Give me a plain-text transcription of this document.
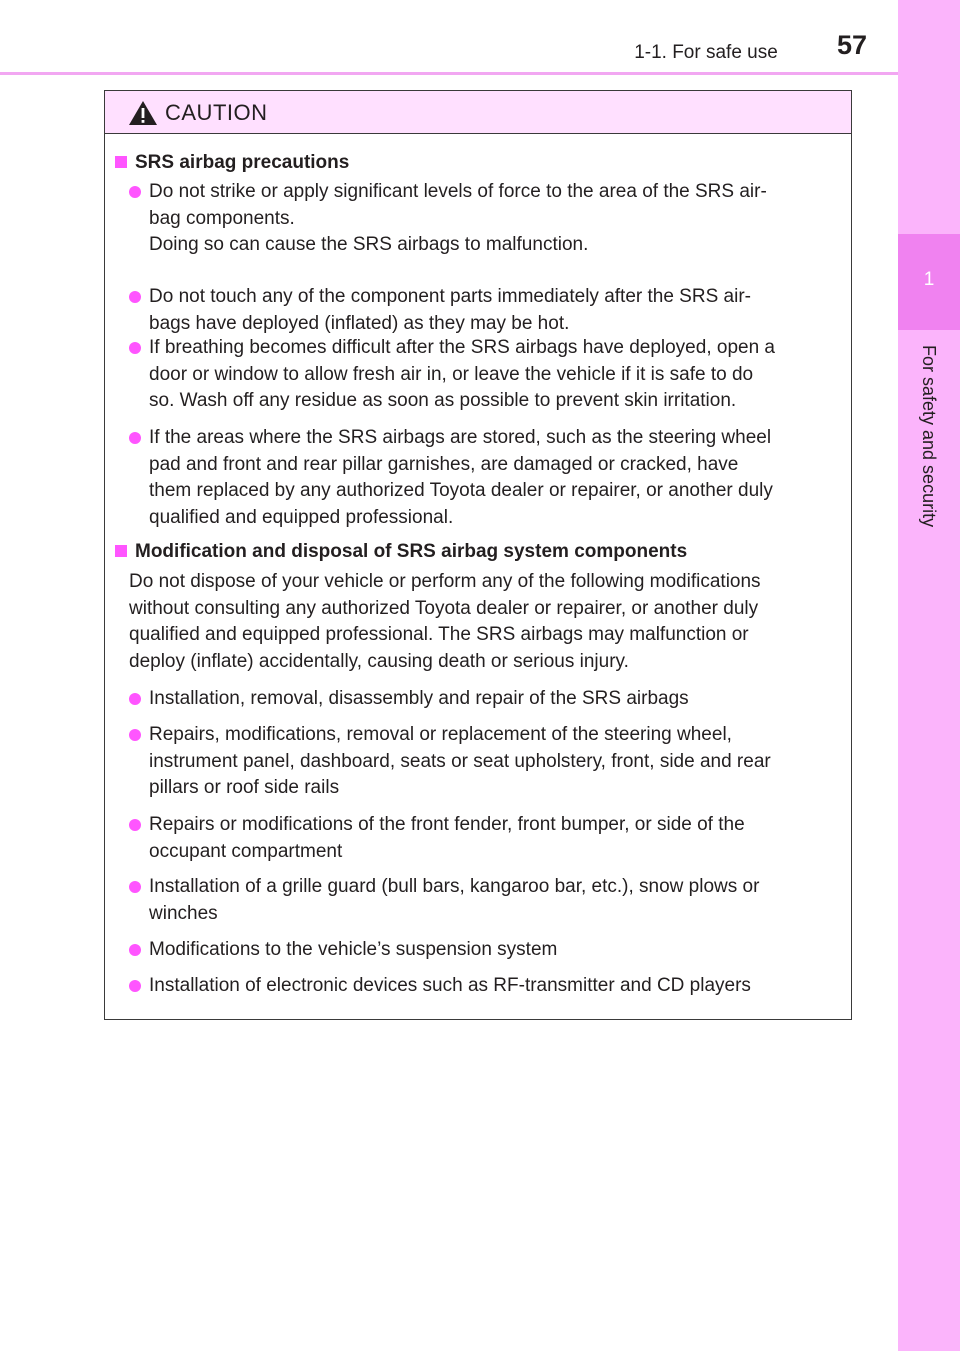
1-1. For safe use	57
1
For safety and security
CAUTION
SRS airbag precautions
Do not strike or apply significant levels of force to the area of the SRS air-
bag components.
Doing so can cause the SRS airbags to malfunction.
Do not touch any of the component parts immediately after the SRS air-
bags have deployed (inflated) as they may be hot.
If breathing becomes difficult after the SRS airbags have deployed, open a
door or window to allow fresh air in, or leave the vehicle if it is safe to do
so. Wash off any residue as soon as possible to prevent skin irritation.
If the areas where the SRS airbags are stored, such as the steering wheel
pad and front and rear pillar garnishes, are damaged or cracked, have
them replaced by any authorized Toyota dealer or repairer, or another duly
qualified and equipped professional.
Modification and disposal of SRS airbag system components
Do not dispose of your vehicle or perform any of the following modifications
without consulting any authorized Toyota dealer or repairer, or another duly
qualified and equipped professional. The SRS airbags may malfunction or
deploy (inflate) accidentally, causing death or serious injury.
Installation, removal, disassembly and repair of the SRS airbags
Repairs, modifications, removal or replacement of the steering wheel,
instrument panel, dashboard, seats or seat upholstery, front, side and rear
pillars or roof side rails
Repairs or modifications of the front fender, front bumper, or side of the
occupant compartment
Installation of a grille guard (bull bars, kangaroo bar, etc.), snow plows or
winches
Modifications to the vehicle’s suspension system
Installation of electronic devices such as RF-transmitter and CD players
